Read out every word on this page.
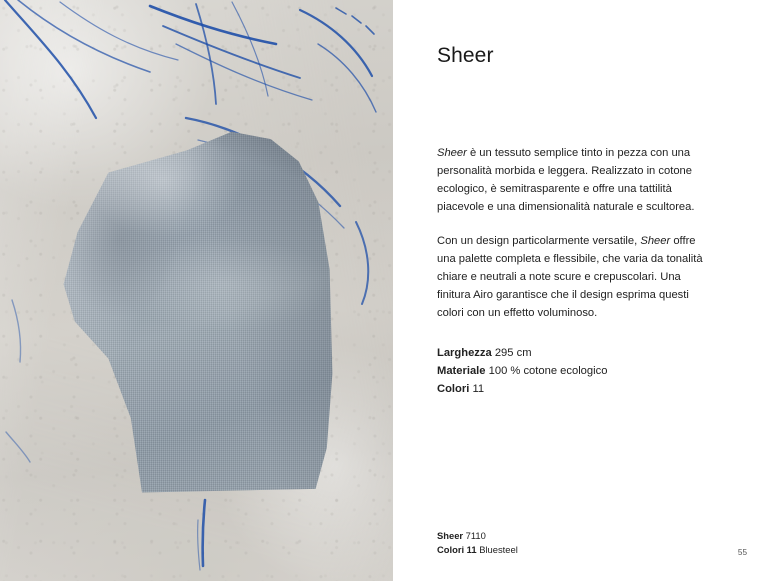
Sheer

Sheer è un tessuto semplice tinto in pezza con una personalità morbida e leggera. Realizzato in cotone ecologico, è semitrasparente e offre una tattilità piacevole e una dimensionalità naturale e scultorea.

Con un design particolarmente versatile, Sheer offre una palette completa e flessibile, che varia da tonalità chiare e neutrali a note scure e crepuscolari. Una finitura Airo garantisce che il design esprima questi colori con un effetto voluminoso.

Larghezza 295 cm
Materiale 100 % cotone ecologico
Colori 11
Sheer 7110
Colori 11 Bluesteel	55
